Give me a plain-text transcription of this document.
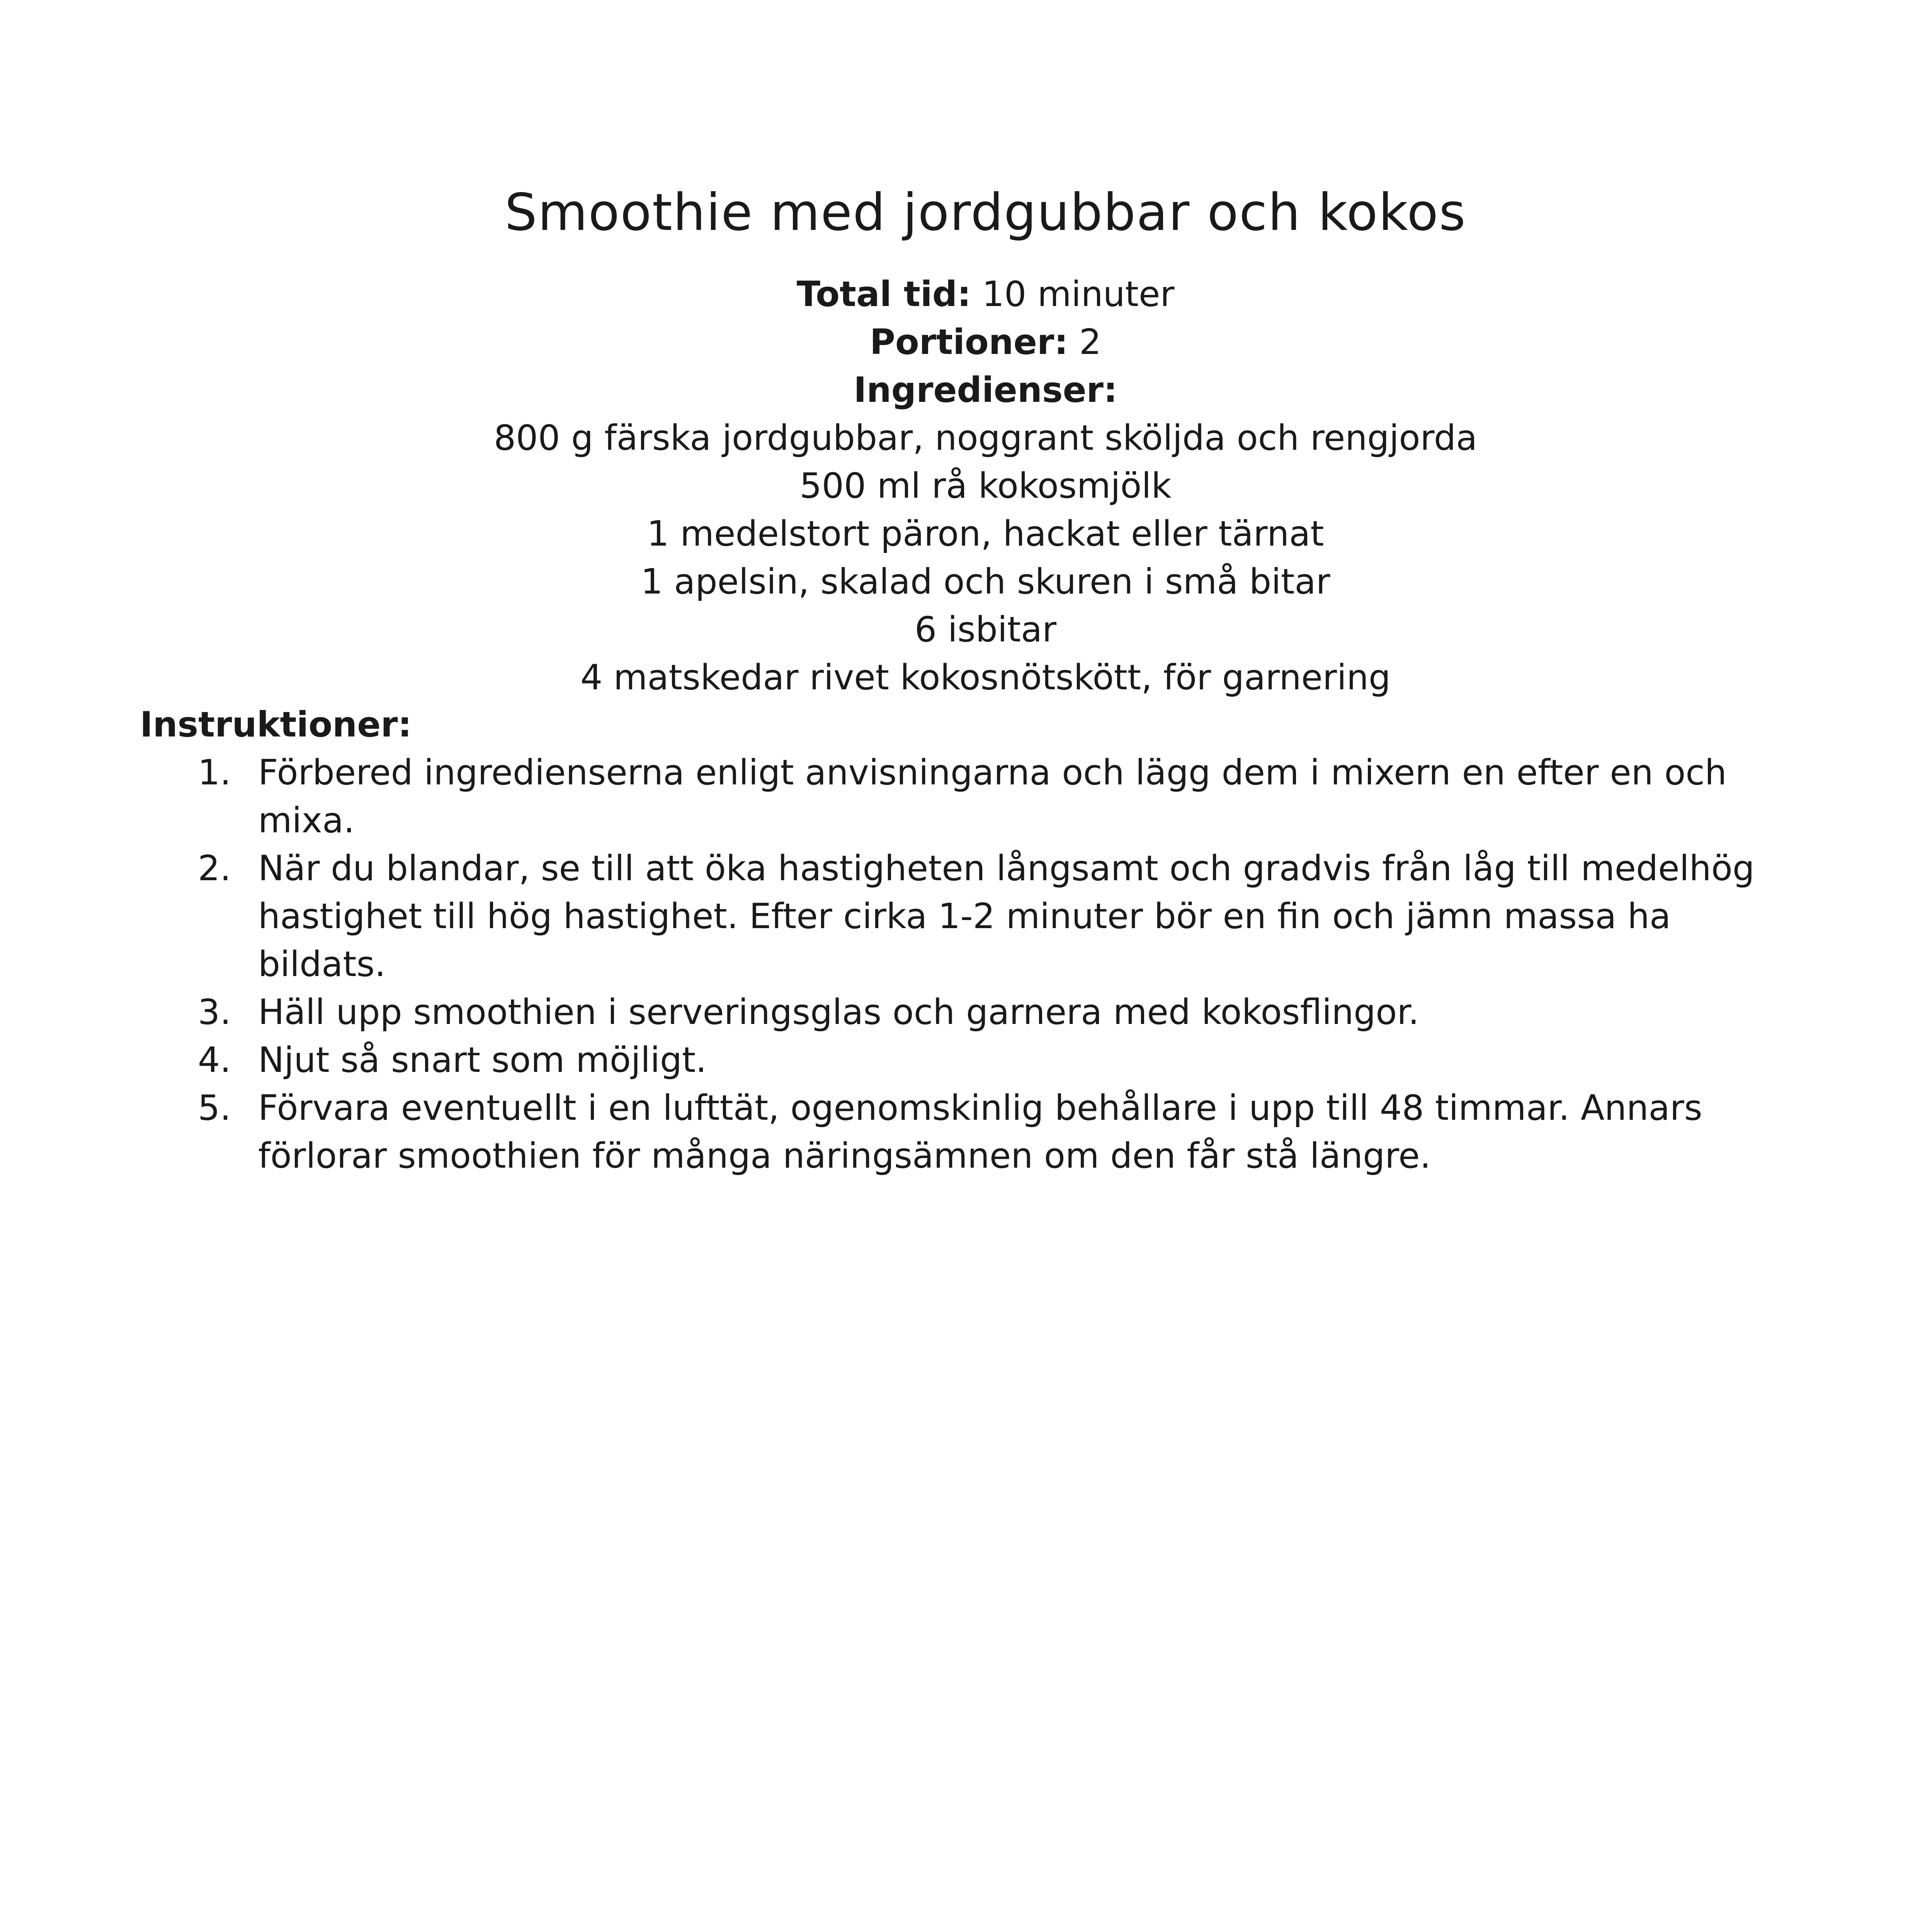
Smoothie med jordgubbar och kokos
Total tid: 10 minuter
Portioner: 2
Ingredienser:
800 g färska jordgubbar, noggrant sköljda och rengjorda
500 ml rå kokosmjölk
1 medelstort päron, hackat eller tärnat
1 apelsin, skalad och skuren i små bitar
6 isbitar
4 matskedar rivet kokosnötskött, för garnering
Instruktioner:
1. Förbered ingredienserna enligt anvisningarna och lägg dem i mixern en efter en och mixa.
2. När du blandar, se till att öka hastigheten långsamt och gradvis från låg till medelhög hastighet till hög hastighet. Efter cirka 1-2 minuter bör en fin och jämn massa ha bildats.
3. Häll upp smoothien i serveringsglas och garnera med kokosflingor.
4. Njut så snart som möjligt.
5. Förvara eventuellt i en lufttät, ogenomskinlig behållare i upp till 48 timmar. Annars förlorar smoothien för många näringsämnen om den får stå längre.
